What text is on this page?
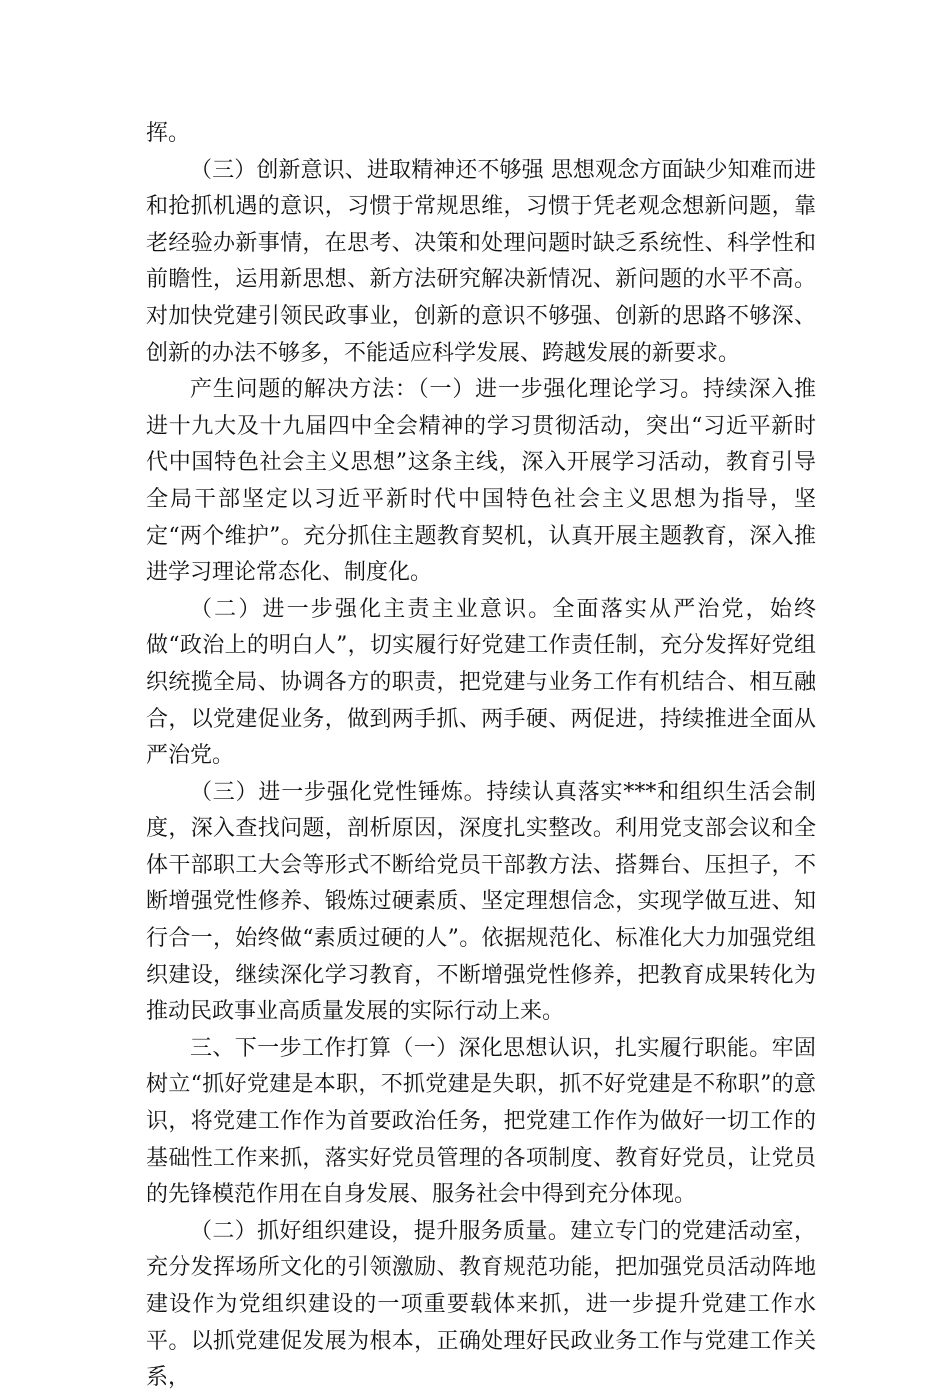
挥。

（三）创新意识、进取精神还不够强 思想观念方面缺少知难而进和抢抓机遇的意识，习惯于常规思维，习惯于凭老观念想新问题，靠老经验办新事情，在思考、决策和处理问题时缺乏系统性、科学性和前瞻性，运用新思想、新方法研究解决新情况、新问题的水平不高。对加快党建引领民政事业，创新的意识不够强、创新的思路不够深、创新的办法不够多，不能适应科学发展、跨越发展的新要求。

产生问题的解决方法：（一）进一步强化理论学习。持续深入推进十九大及十九届四中全会精神的学习贯彻活动，突出“习近平新时代中国特色社会主义思想”这条主线，深入开展学习活动，教育引导全局干部坚定以习近平新时代中国特色社会主义思想为指导，坚定“两个维护”。充分抓住主题教育契机，认真开展主题教育，深入推进学习理论常态化、制度化。

（二）进一步强化主责主业意识。全面落实从严治党，始终做“政治上的明白人”，切实履行好党建工作责任制，充分发挥好党组织统揽全局、协调各方的职责，把党建与业务工作有机结合、相互融合，以党建促业务，做到两手抓、两手硬、两促进，持续推进全面从严治党。

（三）进一步强化党性锤炼。持续认真落实***和组织生活会制度，深入查找问题，剖析原因，深度扎实整改。利用党支部会议和全体干部职工大会等形式不断给党员干部教方法、搭舞台、压担子，不断增强党性修养、锻炼过硬素质、坚定理想信念，实现学做互进、知行合一，始终做“素质过硬的人”。依据规范化、标准化大力加强党组织建设，继续深化学习教育，不断增强党性修养，把教育成果转化为推动民政事业高质量发展的实际行动上来。

三、下一步工作打算（一）深化思想认识，扎实履行职能。牢固树立“抓好党建是本职，不抓党建是失职，抓不好党建是不称职”的意识，将党建工作作为首要政治任务，把党建工作作为做好一切工作的基础性工作来抓，落实好党员管理的各项制度、教育好党员，让党员的先锋模范作用在自身发展、服务社会中得到充分体现。

（二）抓好组织建设，提升服务质量。建立专门的党建活动室，充分发挥场所文化的引领激励、教育规范功能，把加强党员活动阵地建设作为党组织建设的一项重要载体来抓，进一步提升党建工作水平。以抓党建促发展为根本，正确处理好民政业务工作与党建工作关系，
